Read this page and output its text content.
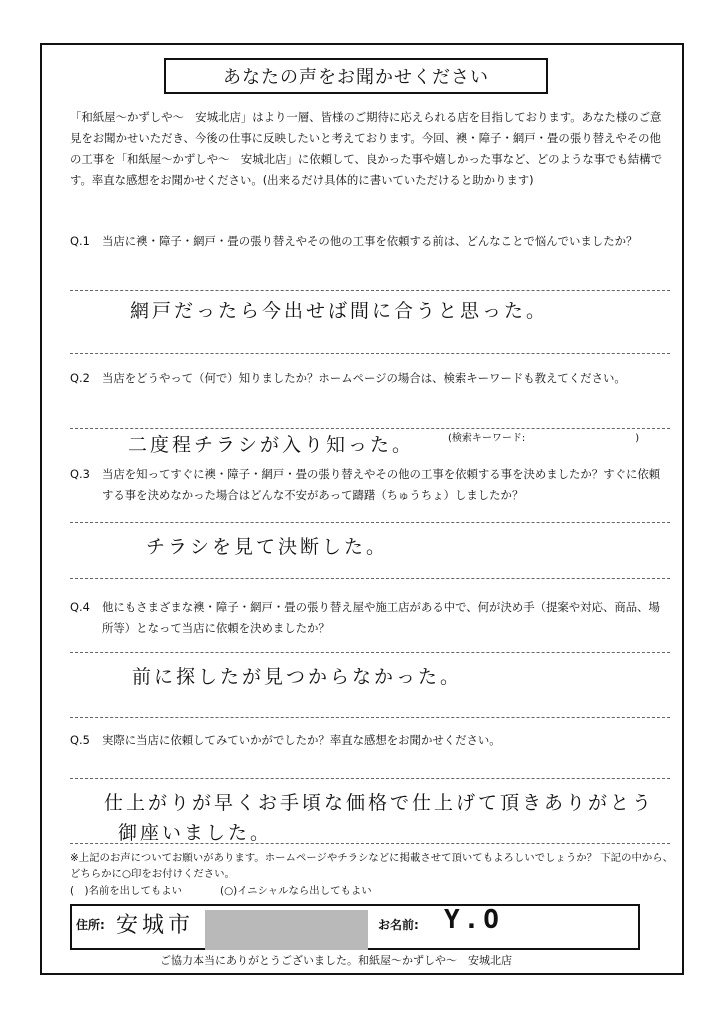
あなたの声をお聞かせください

「和紙屋～かずしや～　安城北店」はより一層、皆様のご期待に応えられる店を目指しております。あなた様のご意見をお聞かせいただき、今後の仕事に反映したいと考えております。今回、襖・障子・網戸・畳の張り替えやその他の工事を「和紙屋～かずしや～　安城北店」に依頼して、良かった事や嬉しかった事など、どのような事でも結構です。率直な感想をお聞かせください。(出来るだけ具体的に書いていただけると助かります)

Q.1	当店に襖・障子・網戸・畳の張り替えやその他の工事を依頼する前は、どんなことで悩んでいましたか？
網戸だったら今出せば間に合うと思った。
Q.2	当店をどうやって（何で）知りましたか？ホームページの場合は、検索キーワードも教えてください。
二度程チラシが入り知った。	(検索キーワード:	)
Q.3	当店を知ってすぐに襖・障子・網戸・畳の張り替えやその他の工事を依頼する事を決めましたか？すぐに依頼する事を決めなかった場合はどんな不安があって躊躇（ちゅうちょ）しましたか？
チラシを見て決断した。
Q.4	他にもさまざまな襖・障子・網戸・畳の張り替え屋や施工店がある中で、何が決め手（提案や対応、商品、場所等）となって当店に依頼を決めましたか？
前に探したが見つからなかった。
Q.5	実際に当店に依頼してみていかがでしたか？率直な感想をお聞かせください。
仕上がりが早くお手頃な価格で仕上げて頂きありがとう
御座いました。

※上記のお声についてお願いがあります。ホームページやチラシなどに掲載させて頂いてもよろしいでしょうか？ 下記の中から、どちらかに○印をお付けください。

(　)名前を出してもよい	(○)イニシャルなら出してもよい
住所: 安城市	お名前: Y.O
ご協力本当にありがとうございました。和紙屋～かずしや～　安城北店
